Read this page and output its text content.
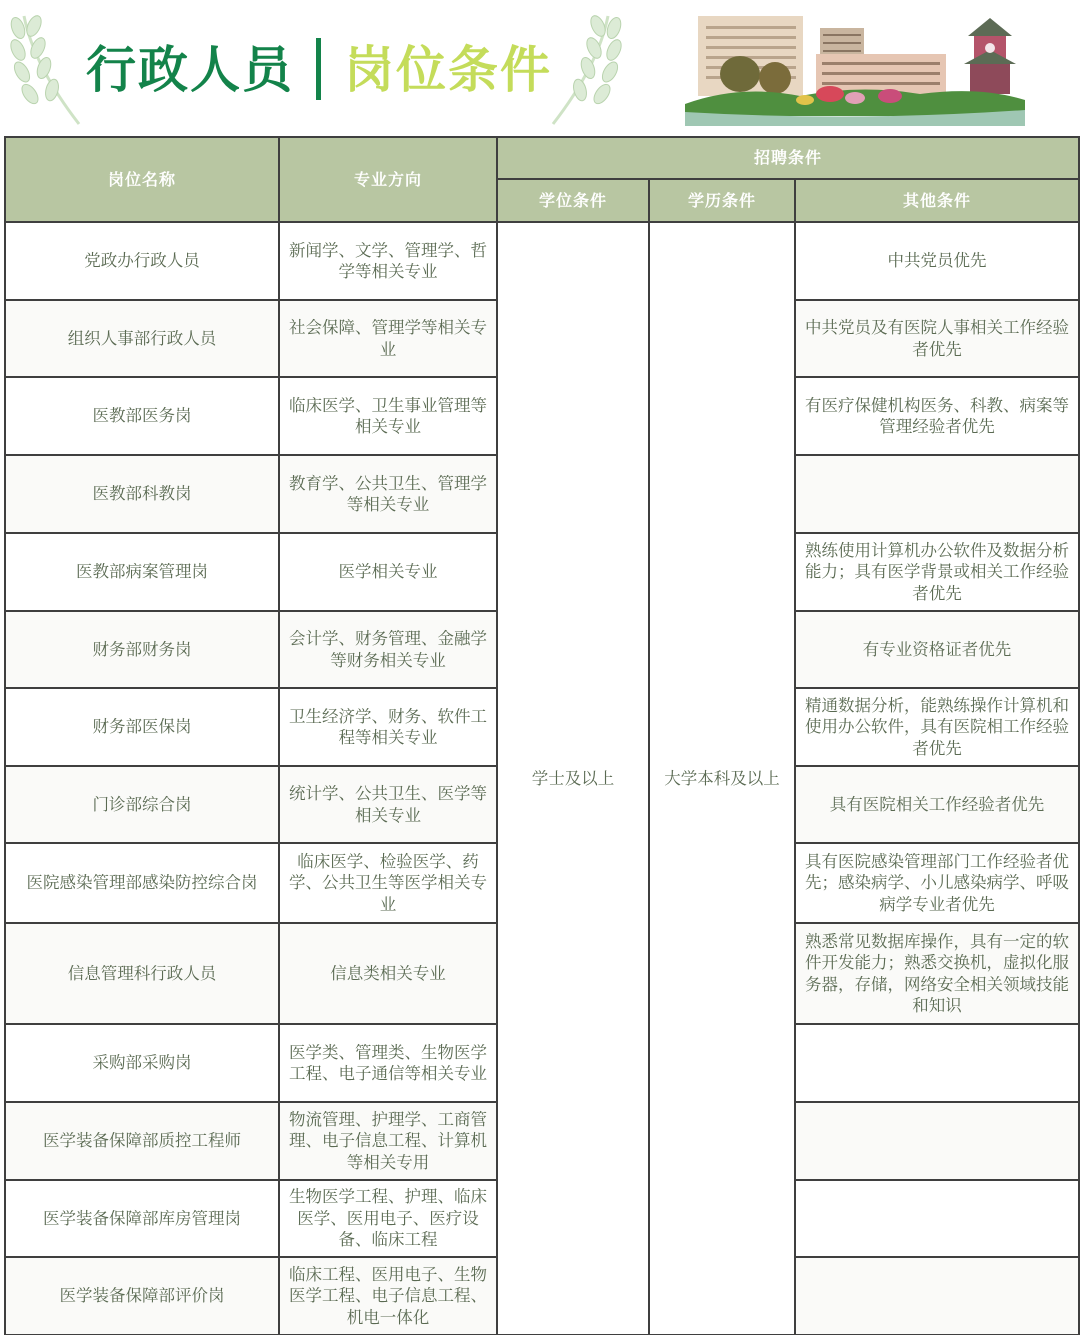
行政人员 岗位条件
岗位名称	专业方向	招聘条件		
		学位条件	学历条件	其他条件
党政办行政人员	新闻学、文学、管理学、哲学等相关专业	学士及以上	大学本科及以上	中共党员优先
组织人事部行政人员	社会保障、管理学等相关专业			中共党员及有医院人事相关工作经验者优先
医教部医务岗	临床医学、卫生事业管理等相关专业			有医疗保健机构医务、科教、病案等管理经验者优先
医教部科教岗	教育学、公共卫生、管理学等相关专业			
医教部病案管理岗	医学相关专业			熟练使用计算机办公软件及数据分析能力；具有医学背景或相关工作经验者优先
财务部财务岗	会计学、财务管理、金融学等财务相关专业			有专业资格证者优先
财务部医保岗	卫生经济学、财务、软件工程等相关专业			精通数据分析，能熟练操作计算机和使用办公软件，具有医院相工作经验者优先
门诊部综合岗	统计学、公共卫生、医学等相关专业			具有医院相关工作经验者优先
医院感染管理部感染防控综合岗	临床医学、检验医学、药学、公共卫生等医学相关专业			具有医院感染管理部门工作经验者优先；感染病学、小儿感染病学、呼吸病学专业者优先
信息管理科行政人员	信息类相关专业			熟悉常见数据库操作，具有一定的软件开发能力；熟悉交换机，虚拟化服务器，存储，网络安全相关领域技能和知识
采购部采购岗	医学类、管理类、生物医学工程、电子通信等相关专业			
医学装备保障部质控工程师	物流管理、护理学、工商管理、电子信息工程、计算机等相关专用			
医学装备保障部库房管理岗	生物医学工程、护理、临床医学、医用电子、医疗设备、临床工程			
医学装备保障部评价岗	临床工程、医用电子、生物医学工程、电子信息工程、机电一体化			
